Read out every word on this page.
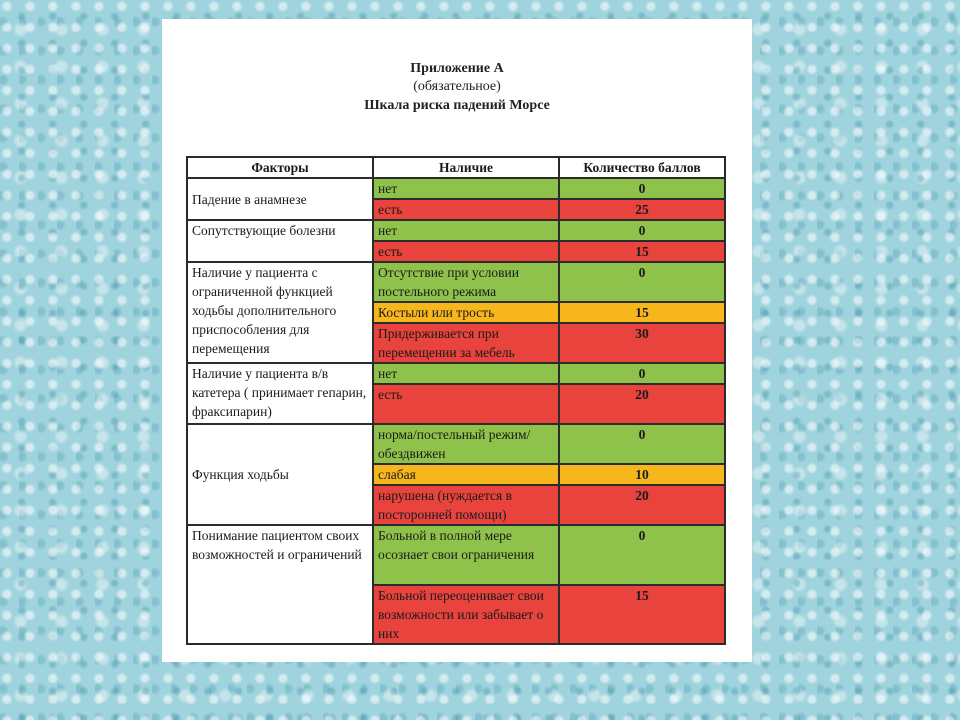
Приложение А
(обязательное)
Шкала риска падений Морсе
Факторы	Наличие	Количество баллов
Падение в анамнезе	нет	0
	есть	25
Сопутствующие болезни	нет	0
	есть	15
Наличие у пациента с ограниченной функцией ходьбы дополнительного приспособления для перемещения	Отсутствие при условии постельного режима	0
	Костыли или трость	15
	Придерживается при перемещении за мебель	30
Наличие у пациента в/в катетера ( принимает гепарин, фраксипарин)	нет	0
	есть	20
Функция ходьбы	норма/постельный режим/обездвижен	0
	слабая	10
	нарушена (нуждается в посторонней помощи)	20
Понимание пациентом своих возможностей и ограничений	Больной в полной мере осознает свои ограничения	0
	Больной переоценивает свои возможности или забывает о них	15
